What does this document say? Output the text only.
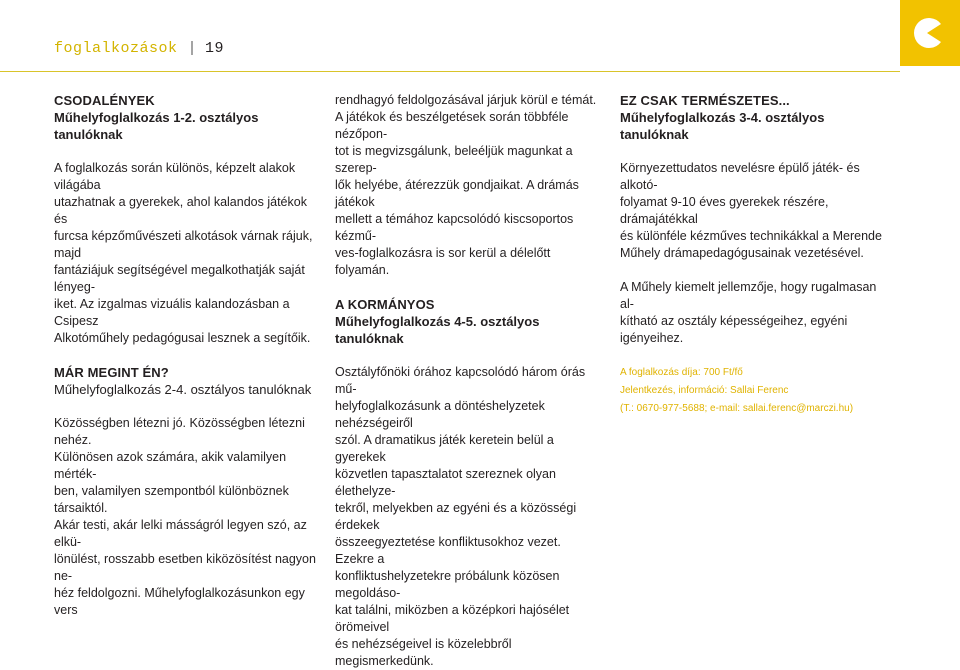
foglalkozások | 19
CSODALÉNYEK
Műhelyfoglalkozás 1-2. osztályos tanulóknak

A foglalkozás során különös, képzelt alakok világába

utazhatnak a gyerekek, ahol kalandos játékok és

furcsa képzőművészeti alkotások várnak rájuk, majd

fantáziájuk segítségével megalkothatják saját lényeg-

iket. Az izgalmas vizuális kalandozásban a Csipesz

Alkotóműhely pedagógusai lesznek a segítőik.

MÁR MEGINT ÉN?
Műhelyfoglalkozás 2-4. osztályos tanulóknak

Közösségben létezni jó. Közösségben létezni nehéz.

Különösen azok számára, akik valamilyen mérték-

ben, valamilyen szempontból különböznek társaiktól.

Akár testi, akár lelki másságról legyen szó, az elkü-

lönülést, rosszabb esetben kiközösítést nagyon ne-

héz feldolgozni. Műhelyfoglalkozásunkon egy vers

rendhagyó feldolgozásával járjuk körül e témát.

A játékok és beszélgetések során többféle nézőpon-

tot is megvizsgálunk, beleéljük magunkat a szerep-

lők helyébe, átérezzük gondjaikat. A drámás játékok

mellett a témához kapcsolódó kiscsoportos kézmű-

ves-foglalkozásra is sor kerül a délelőtt folyamán.

A KORMÁNYOS
Műhelyfoglalkozás 4-5. osztályos tanulóknak

Osztályfőnöki órához kapcsolódó három órás mű-

helyfoglalkozásunk a döntéshelyzetek nehézségeiről

szól. A dramatikus játék keretein belül a gyerekek

közvetlen tapasztalatot szereznek olyan élethelyze-

tekről, melyekben az egyéni és a közösségi érdekek

összeegyeztetése konfliktusokhoz vezet. Ezekre a

konfliktushelyzetekre próbálunk közösen megoldáso-

kat találni, miközben a középkori hajósélet örömeivel

és nehézségeivel is közelebbről megismerkedünk.

EZ CSAK TERMÉSZETES...
Műhelyfoglalkozás 3-4. osztályos tanulóknak

Környezettudatos nevelésre épülő játék- és alkotó-

folyamat 9-10 éves gyerekek részére, drámajátékkal

és különféle kézműves technikákkal a Merende

Műhely drámapedagógusainak vezetésével.

A Műhely kiemelt jellemzője, hogy rugalmasan al-

kítható az osztály képességeihez, egyéni igényeihez.

A foglalkozás díja: 700 Ft/fő
Jelentkezés, információ: Sallai Ferenc
(T.: 0670-977-5688; e-mail: sallai.ferenc@marczi.hu)
